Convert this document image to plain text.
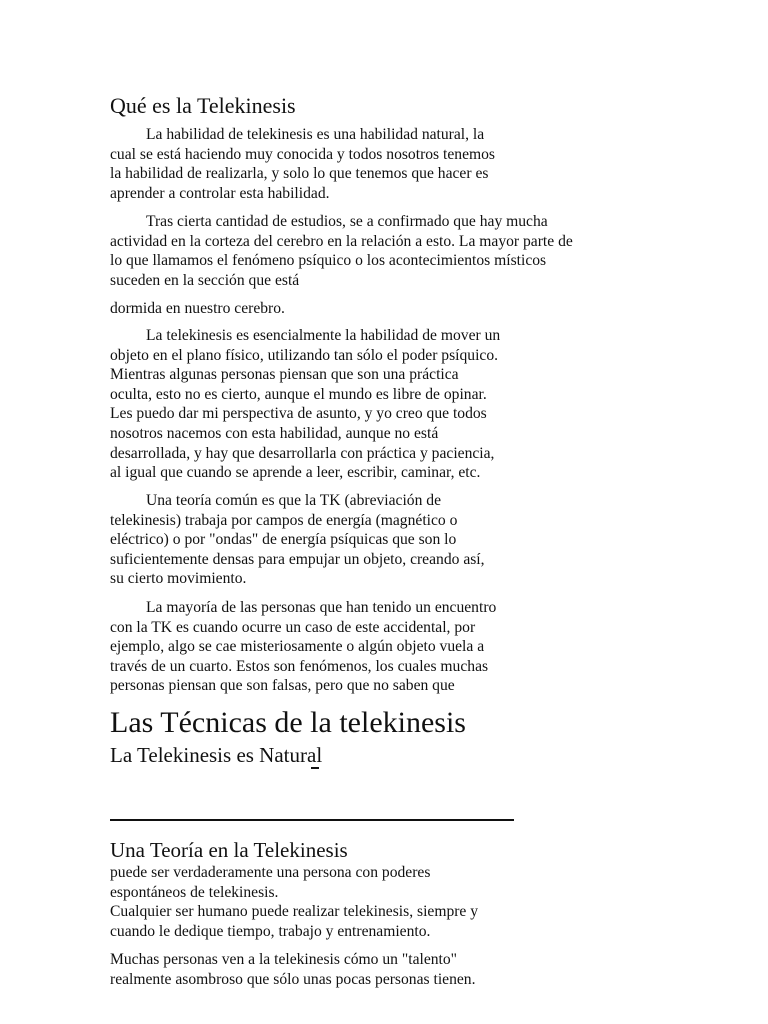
Qué es la Telekinesis

La habilidad de telekinesis es una habilidad natural, la
cual se está haciendo muy conocida y todos nosotros tenemos
la habilidad de realizarla, y solo lo que tenemos que hacer es
aprender a controlar esta habilidad.

Tras cierta cantidad de estudios, se a confirmado que hay mucha
actividad en la corteza del cerebro en la relación a esto. La mayor parte de
lo que llamamos el fenómeno psíquico o los acontecimientos místicos
suceden en la sección que está

dormida en nuestro cerebro.

La telekinesis es esencialmente la habilidad de mover un
objeto en el plano físico, utilizando tan sólo el poder psíquico.
Mientras algunas personas piensan que son una práctica
oculta, esto no es cierto, aunque el mundo es libre de opinar.
Les puedo dar mi perspectiva de asunto, y yo creo que todos
nosotros nacemos con esta habilidad, aunque no está
desarrollada, y hay que desarrollarla con práctica y paciencia,
al igual que cuando se aprende a leer, escribir, caminar, etc.

Una teoría común es que la TK (abreviación de
telekinesis) trabaja por campos de energía (magnético o
eléctrico) o por "ondas" de energía psíquicas que son lo
suficientemente densas para empujar un objeto, creando así,
su cierto movimiento.

La mayoría de las personas que han tenido un encuentro
con la TK es cuando ocurre un caso de este accidental, por
ejemplo, algo se cae misteriosamente o algún objeto vuela a
través de un cuarto. Estos son fenómenos, los cuales muchas
personas piensan que son falsas, pero que no saben que

Las Técnicas de la telekinesis
La Telekinesis es Natural
Una Teoría en la Telekinesis

puede ser verdaderamente una persona con poderes
espontáneos de telekinesis.
Cualquier ser humano puede realizar telekinesis, siempre y
cuando le dedique tiempo, trabajo y entrenamiento.

Muchas personas ven a la telekinesis cómo un "talento"
realmente asombroso que sólo unas pocas personas tienen.
